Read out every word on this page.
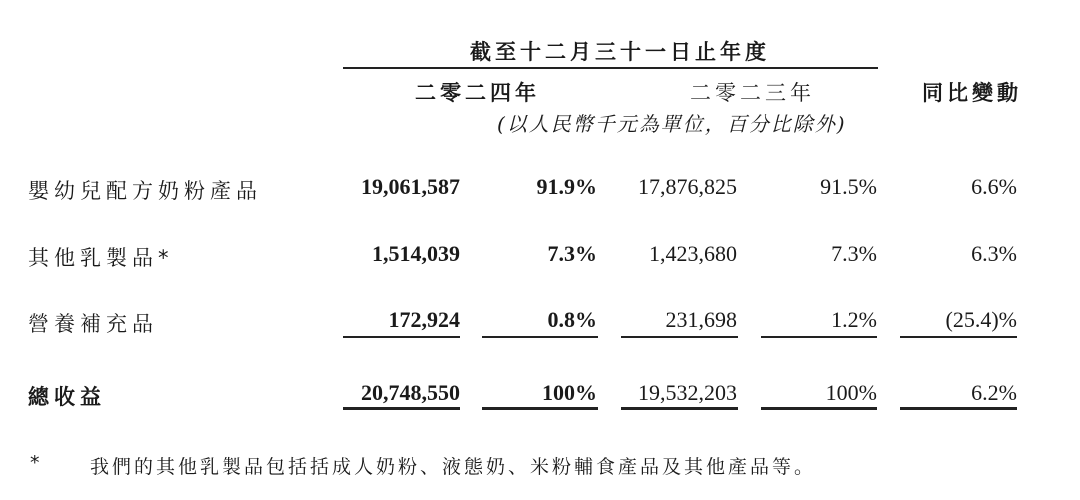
截至十二月三十一日止年度
二零二四年	二零二三年	同比變動
(以人民幣千元為單位，百分比除外)
嬰幼兒配方奶粉產品	19,061,587	91.9%	17,876,825	91.5%	6.6%
其他乳製品*	1,514,039	7.3%	1,423,680	7.3%	6.3%
營養補充品	172,924	0.8%	231,698	1.2%	(25.4)%
總收益	20,748,550	100%	19,532,203	100%	6.2%
*	我們的其他乳製品包括括成人奶粉、液態奶、米粉輔食產品及其他產品等。
